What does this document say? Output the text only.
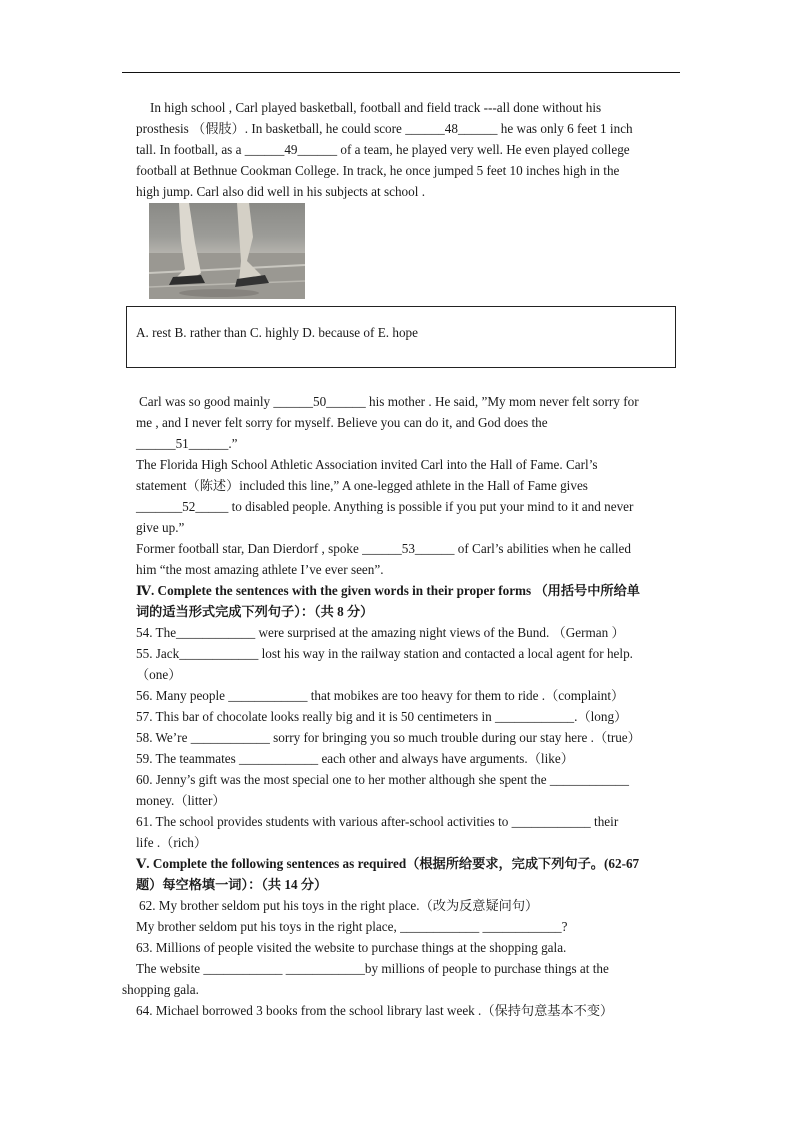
In high school , Carl played basketball, football and field track ---all done without his
prosthesis （假肢）. In basketball, he could score ______48______ he was only 6 feet 1 inch
tall. In football, as a ______49______ of a team, he played very well. He even played college
football at Bethnue Cookman College. In track, he once jumped 5 feet 10 inches high in the
high jump. Carl also did well in his subjects at school .
A. rest B. rather than C. highly D. because of E. hope
Carl was so good mainly ______50______ his mother . He said, ”My mom never felt sorry for
me , and I never felt sorry for myself. Believe you can do it, and God does the
______51______.”
The Florida High School Athletic Association invited Carl into the Hall of Fame. Carl’s
statement（陈述）included this line,” A one-legged athlete in the Hall of Fame gives
_______52_____ to disabled people. Anything is possible if you put your mind to it and never
give up.”
Former football star, Dan Dierdorf , spoke ______53______ of Carl’s abilities when he called
him “the most amazing athlete I’ve ever seen”.
Ⅳ. Complete the sentences with the given words in their proper forms （用括号中所给单
词的适当形式完成下列句子）：（共 8 分）
54. The____________ were surprised at the amazing night views of the Bund. （German ）
55. Jack____________ lost his way in the railway station and contacted a local agent for help.
（one）
56. Many people ____________ that mobikes are too heavy for them to ride .（complaint）
57. This bar of chocolate looks really big and it is 50 centimeters in ____________.（long）
58. We’re ____________ sorry for bringing you so much trouble during our stay here .（true）
59. The teammates ____________ each other and always have arguments.（like）
60. Jenny’s gift was the most special one to her mother although she spent the ____________
money.（litter）
61. The school provides students with various after-school activities to ____________ their
life .（rich）
Ⅴ. Complete the following sentences as required（根据所给要求，完成下列句子。(62-67
题）每空格填一词）：（共 14 分）
62. My brother seldom put his toys in the right place.（改为反意疑问句）
My brother seldom put his toys in the right place, ____________ ____________?
63. Millions of people visited the website to purchase things at the shopping gala.
The website ____________ ____________by millions of people to purchase things at the
shopping gala.
64. Michael borrowed 3 books from the school library last week .（保持句意基本不变）
